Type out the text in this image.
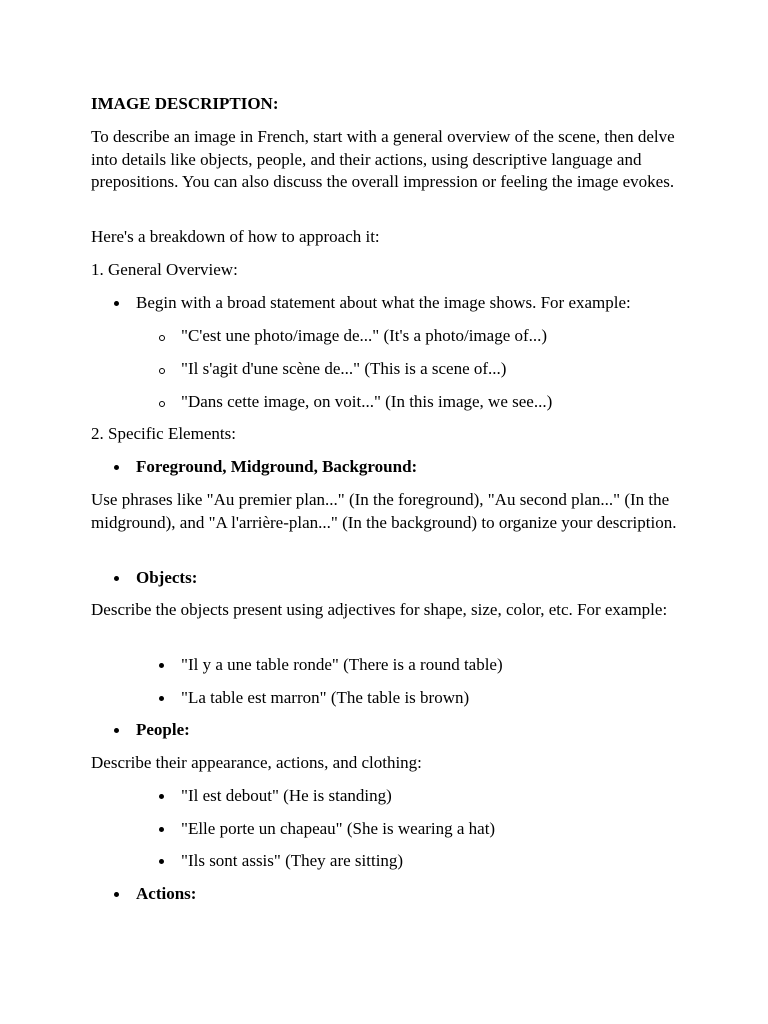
IMAGE DESCRIPTION:

To describe an image in French, start with a general overview of the scene, then delve into details like objects, people, and their actions, using descriptive language and prepositions. You can also discuss the overall impression or feeling the image evokes.

Here's a breakdown of how to approach it:

1. General Overview:

Begin with a broad statement about what the image shows. For example:
"C'est une photo/image de..." (It's a photo/image of...)
"Il s'agit d'une scène de..." (This is a scene of...)
"Dans cette image, on voit..." (In this image, we see...)

2. Specific Elements:

Foreground, Midground, Background:

Use phrases like "Au premier plan..." (In the foreground), "Au second plan..." (In the midground), and "A l'arrière-plan..." (In the background) to organize your description.

Objects:

Describe the objects present using adjectives for shape, size, color, etc. For example:

"Il y a une table ronde" (There is a round table)
"La table est marron" (The table is brown)
People:

Describe their appearance, actions, and clothing:

"Il est debout" (He is standing)
"Elle porte un chapeau" (She is wearing a hat)
"Ils sont assis" (They are sitting)
Actions:
